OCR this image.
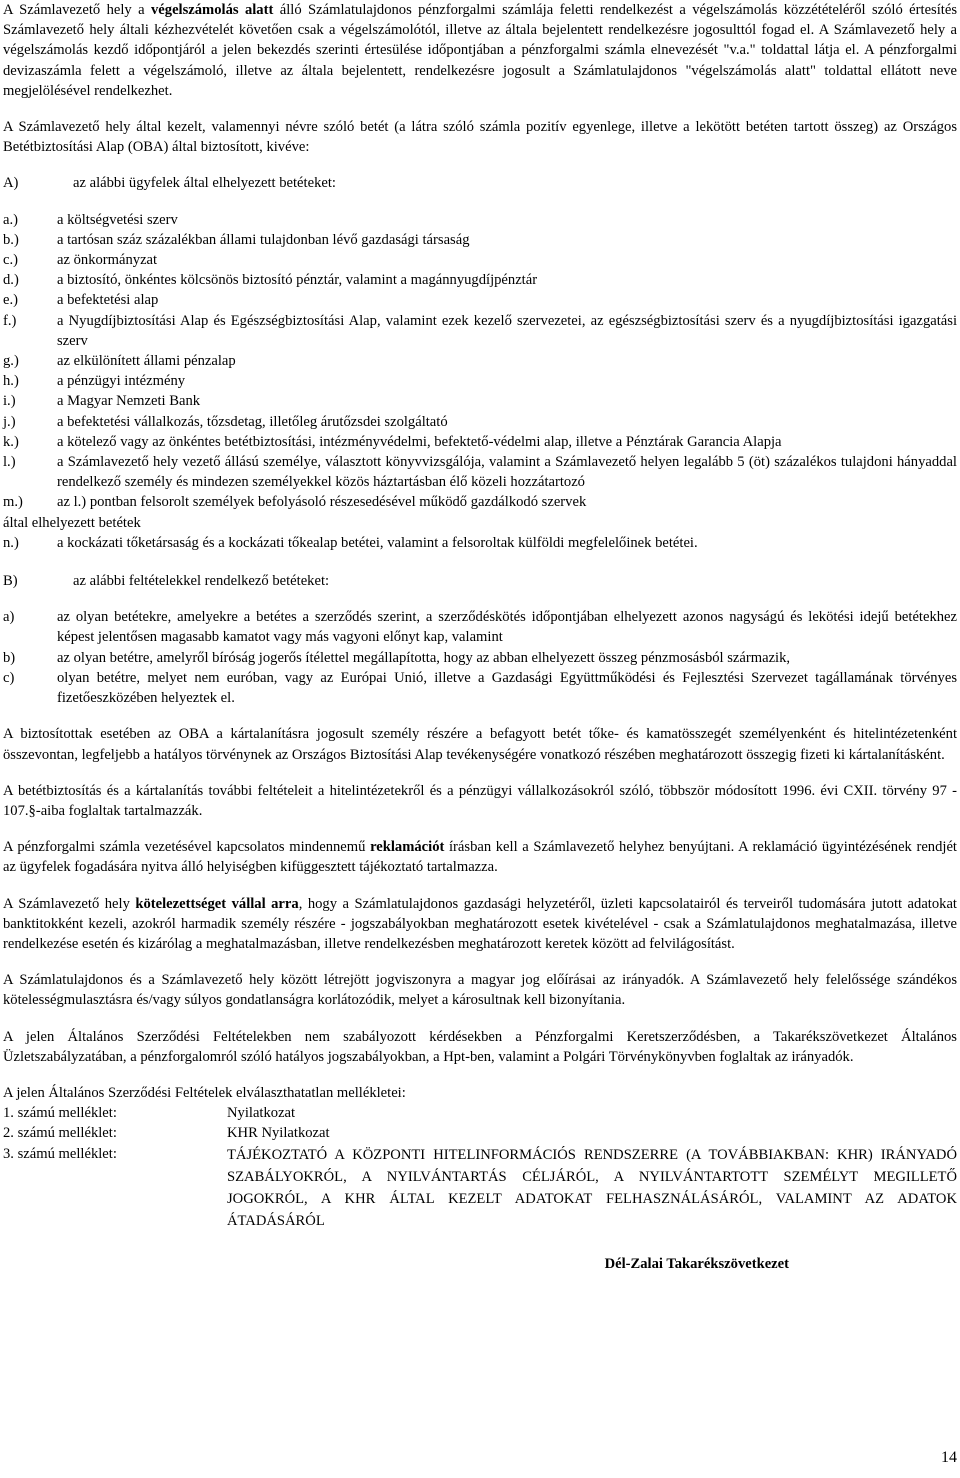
A Számlavezető hely a végelszámolás alatt álló Számlatulajdonos pénzforgalmi számlája feletti rendelkezést a végelszámolás közzétételéről szóló értesítés Számlavezető hely általi kézhezvételét követően csak a végelszámolótól, illetve az általa bejelentett rendelkezésre jogosulttól fogad el. A Számlavezető hely a végelszámolás kezdő időpontjáról a jelen bekezdés szerinti értesülése időpontjában a pénzforgalmi számla elnevezését "v.a." toldattal látja el. A pénzforgalmi devizaszámla felett a végelszámoló, illetve az általa bejelentett, rendelkezésre jogosult a Számlatulajdonos "végelszámolás alatt" toldattal ellátott neve megjelölésével rendelkezhet.

A Számlavezető hely által kezelt, valamennyi névre szóló betét (a látra szóló számla pozitív egyenlege, illetve a lekötött betéten tartott összeg) az Országos Betétbiztosítási Alap (OBA) által biztosított, kivéve:

A)	az alábbi ügyfelek által elhelyezett betéteket:
a.)	a költségvetési szerv
b.)	a tartósan száz százalékban állami tulajdonban lévő gazdasági társaság
c.)	az önkormányzat
d.)	a biztosító, önkéntes kölcsönös biztosító pénztár, valamint a magánnyugdíjpénztár
e.)	a befektetési alap
f.)	a Nyugdíjbiztosítási Alap és Egészségbiztosítási Alap, valamint ezek kezelő szervezetei, az egészségbiztosítási szerv és a nyugdíjbiztosítási igazgatási szerv
g.)	az elkülönített állami pénzalap
h.)	a pénzügyi intézmény
i.)	a Magyar Nemzeti Bank
j.)	a befektetési vállalkozás, tőzsdetag, illetőleg árutőzsdei szolgáltató
k.)	a kötelező vagy az önkéntes betétbiztosítási, intézményvédelmi, befektető-védelmi alap, illetve a Pénztárak Garancia Alapja
l.)	a Számlavezető hely vezető állású személye, választott könyvvizsgálója, valamint a Számlavezető helyen legalább 5 (öt) százalékos tulajdoni hányaddal rendelkező személy és mindezen személyekkel közös háztartásban élő közeli hozzátartozó
m.)	az l.) pontban felsorolt személyek befolyásoló részesedésével működő gazdálkodó szervek
által elhelyezett betétek
n.)	a kockázati tőketársaság és a kockázati tőkealap betétei, valamint a felsoroltak külföldi megfelelőinek betétei.
B)	az alábbi feltételekkel rendelkező betéteket:
a)	az olyan betétekre, amelyekre a betétes a szerződés szerint, a szerződéskötés időpontjában elhelyezett azonos nagyságú és lekötési idejű betétekhez képest jelentősen magasabb kamatot vagy más vagyoni előnyt kap, valamint
b)	az olyan betétre, amelyről bíróság jogerős ítélettel megállapította, hogy az abban elhelyezett összeg pénzmosásból származik,
c)	olyan betétre, melyet nem euróban, vagy az Európai Unió, illetve a Gazdasági Együttműködési és Fejlesztési Szervezet tagállamának törvényes fizetőeszközében helyeztek el.

A biztosítottak esetében az OBA a kártalanításra jogosult személy részére a befagyott betét tőke- és kamatösszegét személyenként és hitelintézetenként összevontan, legfeljebb a hatályos törvénynek az Országos Biztosítási Alap tevékenységére vonatkozó részében meghatározott összegig fizeti ki kártalanításként.

A betétbiztosítás és a kártalanítás további feltételeit a hitelintézetekről és a pénzügyi vállalkozásokról szóló, többször módosított 1996. évi CXII. törvény 97 - 107.§-aiba foglaltak tartalmazzák.

A pénzforgalmi számla vezetésével kapcsolatos mindennemű reklamációt írásban kell a Számlavezető helyhez benyújtani. A reklamáció ügyintézésének rendjét az ügyfelek fogadására nyitva álló helyiségben kifüggesztett tájékoztató tartalmazza.

A Számlavezető hely kötelezettséget vállal arra, hogy a Számlatulajdonos gazdasági helyzetéről, üzleti kapcsolatairól és terveiről tudomására jutott adatokat banktitokként kezeli, azokról harmadik személy részére - jogszabályokban meghatározott esetek kivételével - csak a Számlatulajdonos meghatalmazása, illetve rendelkezése esetén és kizárólag a meghatalmazásban, illetve rendelkezésben meghatározott keretek között ad felvilágosítást.

A Számlatulajdonos és a Számlavezető hely között létrejött jogviszonyra a magyar jog előírásai az irányadók. A Számlavezető hely felelőssége szándékos kötelességmulasztásra és/vagy súlyos gondatlanságra korlátozódik, melyet a károsultnak kell bizonyítania.

A jelen Általános Szerződési Feltételekben nem szabályozott kérdésekben a Pénzforgalmi Keretszerződésben, a Takarékszövetkezet Általános Üzletszabályzatában, a pénzforgalomról szóló hatályos jogszabályokban, a Hpt-ben, valamint a Polgári Törvénykönyvben foglaltak az irányadók.

A jelen Általános Szerződési Feltételek elválaszthatatlan mellékletei:
1. számú melléklet:	Nyilatkozat
2. számú melléklet:	KHR Nyilatkozat
3. számú melléklet:	TÁJÉKOZTATÓ A KÖZPONTI HITELINFORMÁCIÓS RENDSZERRE (A TOVÁBBIAKBAN: KHR) IRÁNYADÓ SZABÁLYOKRÓL, A NYILVÁNTARTÁS CÉLJÁRÓL, A NYILVÁNTARTOTT SZEMÉLYT MEGILLETŐ JOGOKRÓL, A KHR ÁLTAL KEZELT ADATOKAT FELHASZNÁLÁSÁRÓL, VALAMINT AZ ADATOK ÁTADÁSÁRÓL
Dél-Zalai Takarékszövetkezet
14
